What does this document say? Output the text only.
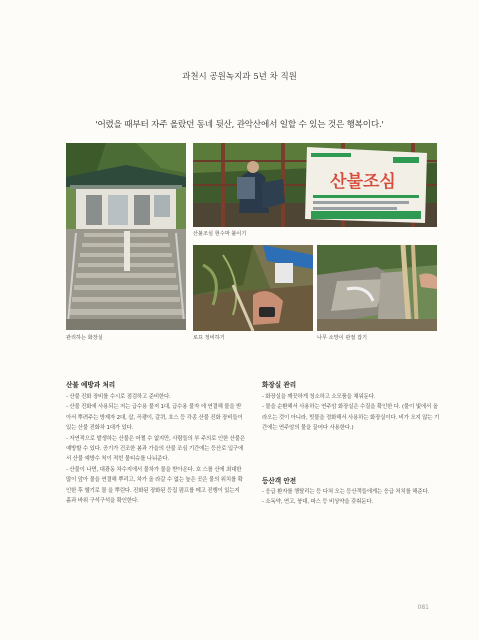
과천시 공원녹지과 5년 차 직원
'어렸을 때부터 자주 올랐던 동네 뒷산, 관악산에서 일할 수 있는 것은 행복이다.'
관리하는 화장실
산불조심
산불조심 현수막 붙이기
로프 정비하기	나무 소망이 관절 잡기
산불 예방과 처리

- 산불 진화 장비를 수시로 점검하고 준비한다.

- 산불 진화에 사용되는 저는 급수용 물저 1대, 급수용 물자 에 연결해 물을 받아서 뿌려주는 방제자 2대, 삽, 곡괭이, 갈퀴, 호스 등 각종 산불 진화 장비들이 있는 산불 진화차 1대가 있다.

- 자연적으로 발생하는 산불은 어쩔 수 없지만, 사람들의 부 주의로 인한 산불은 예방할 수 있다. 공기가 건조한 봄과 가을의 산불 조심 기간에는 등산로 입구에서 산불 예방수 칙이 적힌 물티슈를 나눠준다.

- 산불이 나면, 대광동 차수지에서 물차가 물을 받아온다. 호 스를 산에 최대한 많이 앞아 물을 연결해 뿌리고, 차가 올 라갈 수 없는 높은 곳은 물의 위치를 확인한 후 헬기로 물 을 뿌린다. 진화된 장화된 등집 펌프를 메고 진행이 있는지 흙과 바위 구석구석을 확인한다.

화장실 관리

- 화장실을 깨끗하게 청소하고 소모품을 채워둔다.

- 물을 순환해서 사용하는 연주암 화장실은 수질을 확인한 다. (물이 빛에서 올라오는 것이 아니라, 빗물을 정화해서 사용하는 화장실이다. 비가 오지 않는 기간에는 연주암의 물을 끌어다 사용한다.)

등산객 안전

- 응급 환자를 챙탈리는 등 다쳐 오는 등산객들에게는 응급 처치를 해준다.

- 소독약, 연고, 붕대, 파스 등 비상약을 갖춰둔다.

081
